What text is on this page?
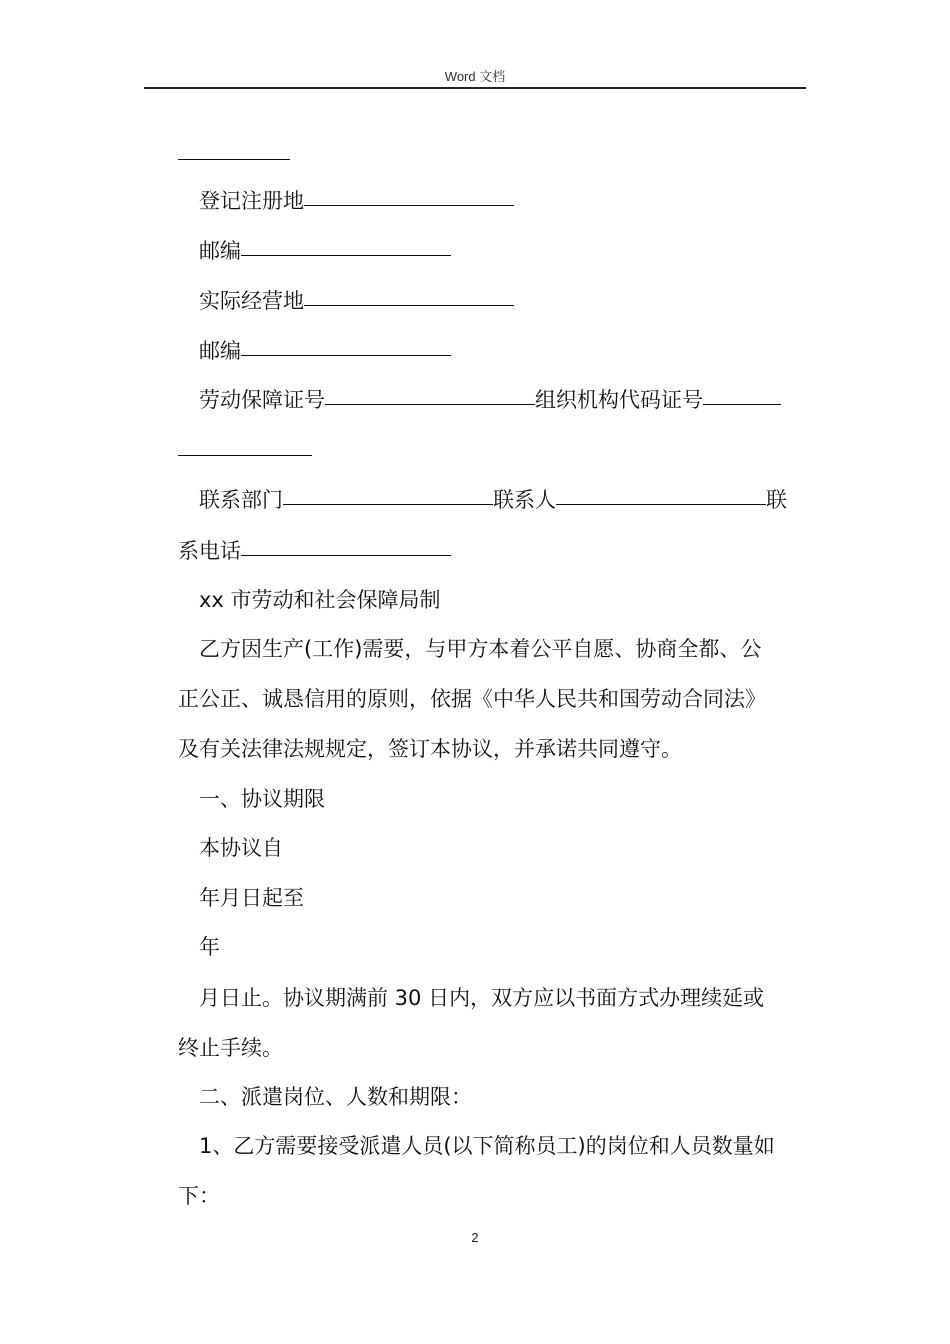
Word 文档
登记注册地
邮编
实际经营地
邮编
劳动保障证号	组织机构代码证号
联系部门	联系人	联
系电话
xx 市劳动和社会保障局制
乙方因生产(工作)需要，与甲方本着公平自愿、协商全都、公
正公正、诚恳信用的原则，依据《中华人民共和国劳动合同法》
及有关法律法规规定，签订本协议，并承诺共同遵守。
一、协议期限
本协议自
年月日起至
年
月日止。协议期满前 30 日内，双方应以书面方式办理续延或
终止手续。
二、派遣岗位、人数和期限：
1、乙方需要接受派遣人员(以下简称员工)的岗位和人员数量如
下：
2
